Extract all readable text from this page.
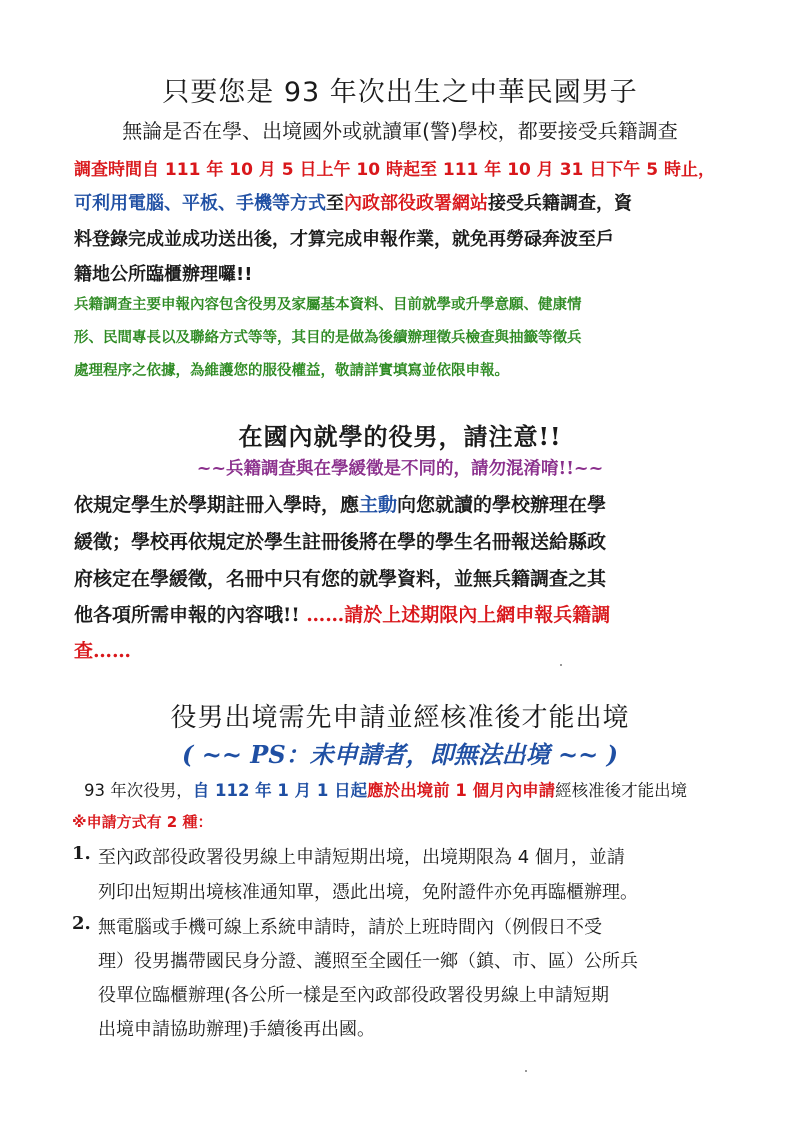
只要您是 93 年次出生之中華民國男子
無論是否在學、出境國外或就讀軍(警)學校，都要接受兵籍調查
調查時間自 111 年 10 月 5 日上午 10 時起至 111 年 10 月 31 日下午 5 時止，
可利用電腦、平板、手機等方式至內政部役政署網站接受兵籍調查，資
料登錄完成並成功送出後，才算完成申報作業，就免再勞碌奔波至戶
籍地公所臨櫃辦理囉!!
兵籍調查主要申報內容包含役男及家屬基本資料、目前就學或升學意願、健康情
形、民間專長以及聯絡方式等等，其目的是做為後續辦理徵兵檢查與抽籤等徵兵
處理程序之依據，為維護您的服役權益，敬請詳實填寫並依限申報。
在國內就學的役男，請注意!!
~~兵籍調查與在學緩徵是不同的，請勿混淆唷!!~~
依規定學生於學期註冊入學時，應主動向您就讀的學校辦理在學
緩徵；學校再依規定於學生註冊後將在學的學生名冊報送給縣政
府核定在學緩徵，名冊中只有您的就學資料，並無兵籍調查之其
他各項所需申報的內容哦!! ……請於上述期限內上網申報兵籍調
查……
役男出境需先申請並經核准後才能出境
( ~~ PS：未申請者，即無法出境 ~~ )
93 年次役男，自 112 年 1 月 1 日起應於出境前 1 個月內申請經核准後才能出境
※申請方式有 2 種：
1. 至內政部役政署役男線上申請短期出境，出境期限為 4 個月，並請
列印出短期出境核准通知單，憑此出境，免附證件亦免再臨櫃辦理。
2. 無電腦或手機可線上系統申請時，請於上班時間內（例假日不受
理）役男攜帶國民身分證、護照至全國任一鄉（鎮、市、區）公所兵
役單位臨櫃辦理(各公所一樣是至內政部役政署役男線上申請短期
出境申請協助辦理)手續後再出國。
